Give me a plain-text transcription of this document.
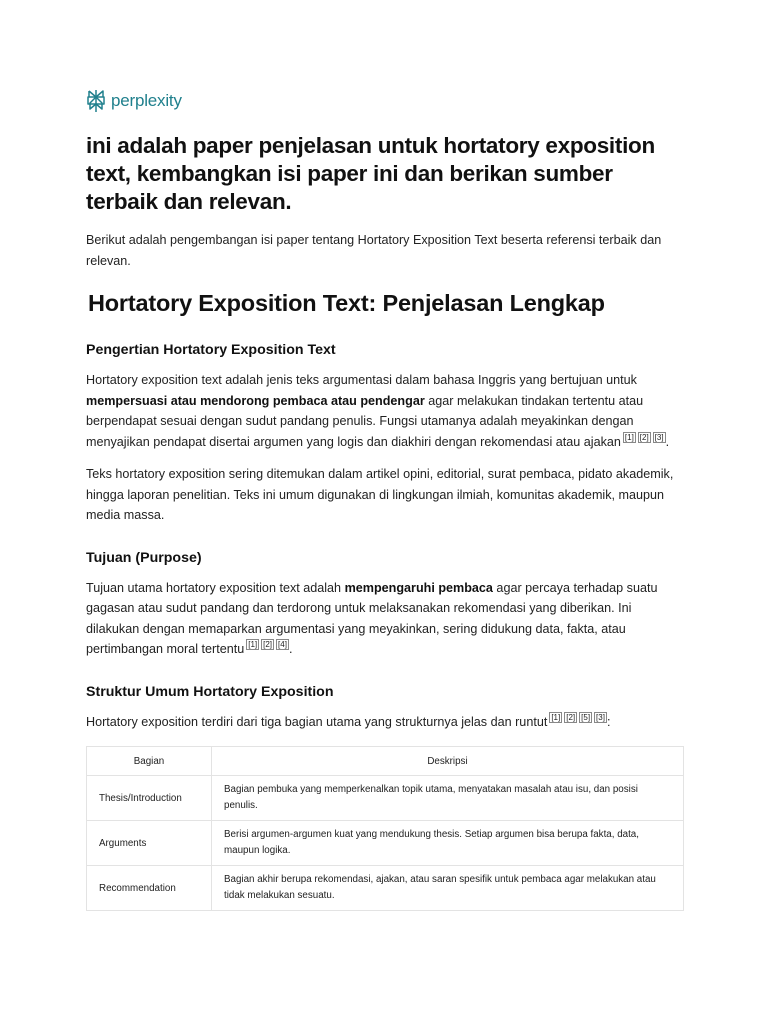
perplexity
ini adalah paper penjelasan untuk hortatory exposition text, kembangkan isi paper ini dan berikan sumber terbaik dan relevan.

Berikut adalah pengembangan isi paper tentang Hortatory Exposition Text beserta referensi terbaik dan relevan.

Hortatory Exposition Text: Penjelasan Lengkap
Pengertian Hortatory Exposition Text

Hortatory exposition text adalah jenis teks argumentasi dalam bahasa Inggris yang bertujuan untuk mempersuasi atau mendorong pembaca atau pendengar agar melakukan tindakan tertentu atau berpendapat sesuai dengan sudut pandang penulis. Fungsi utamanya adalah meyakinkan dengan menyajikan pendapat disertai argumen yang logis dan diakhiri dengan rekomendasi atau ajakan [1] [2] [3] .

Teks hortatory exposition sering ditemukan dalam artikel opini, editorial, surat pembaca, pidato akademik, hingga laporan penelitian. Teks ini umum digunakan di lingkungan ilmiah, komunitas akademik, maupun media massa.

Tujuan (Purpose)

Tujuan utama hortatory exposition text adalah mempengaruhi pembaca agar percaya terhadap suatu gagasan atau sudut pandang dan terdorong untuk melaksanakan rekomendasi yang diberikan. Ini dilakukan dengan memaparkan argumentasi yang meyakinkan, sering didukung data, fakta, atau pertimbangan moral tertentu [1] [2] [4] .

Struktur Umum Hortatory Exposition

Hortatory exposition terdiri dari tiga bagian utama yang strukturnya jelas dan runtut [1] [2] [5] [3] :

Bagian	Deskripsi
Thesis/Introduction	Bagian pembuka yang memperkenalkan topik utama, menyatakan masalah atau isu, dan posisi penulis.
Arguments	Berisi argumen-argumen kuat yang mendukung thesis. Setiap argumen bisa berupa fakta, data, maupun logika.
Recommendation	Bagian akhir berupa rekomendasi, ajakan, atau saran spesifik untuk pembaca agar melakukan atau tidak melakukan sesuatu.
